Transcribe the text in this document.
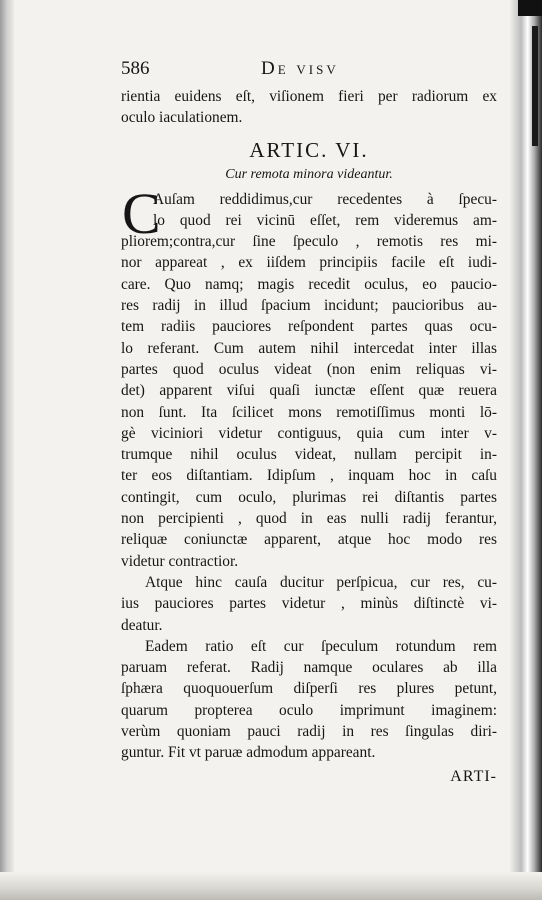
586	De visv
rientia euidens eſt, viſionem fieri per radiorum ex
oculo iaculationem.
ARTIC. VI.
Cur remota minora videantur.
C
Auſam reddidimus,cur recedentes à ſpecu-
lo quod rei vicinū eſſet, rem videremus am-
pliorem;contra,cur ſine ſpeculo , remotis res mi-
nor appareat , ex iiſdem principiis facile eſt iudi-
care. Quo namq; magis recedit oculus, eo paucio-
res radij in illud ſpacium incidunt; paucioribus au-
tem radiis pauciores reſpondent partes quas ocu-
lo referant. Cum autem nihil intercedat inter illas
partes quod oculus videat (non enim reliquas vi-
det) apparent viſui quaſi iunctæ eſſent quæ reuera
non ſunt. Ita ſcilicet mons remotiſſimus monti lō-
gè viciniori videtur contiguus, quia cum inter v-
trumque nihil oculus videat, nullam percipit in-
ter eos diſtantiam. Idipſum , inquam hoc in caſu
contingit, cum oculo, plurimas rei diſtantis partes
non percipienti , quod in eas nulli radij ferantur,
reliquæ coniunctæ apparent, atque hoc modo res
videtur contractior.
Atque hinc cauſa ducitur perſpicua, cur res, cu-
ius pauciores partes videtur , minùs diſtinctè vi-
deatur.
Eadem ratio eſt cur ſpeculum rotundum rem
paruam referat. Radij namque oculares ab illa
ſphæra quoquouerſum diſperſi res plures petunt,
quarum propterea oculo imprimunt imaginem:
verùm quoniam pauci radij in res ſingulas diri-
guntur. Fit vt paruæ admodum appareant.
ARTI-
